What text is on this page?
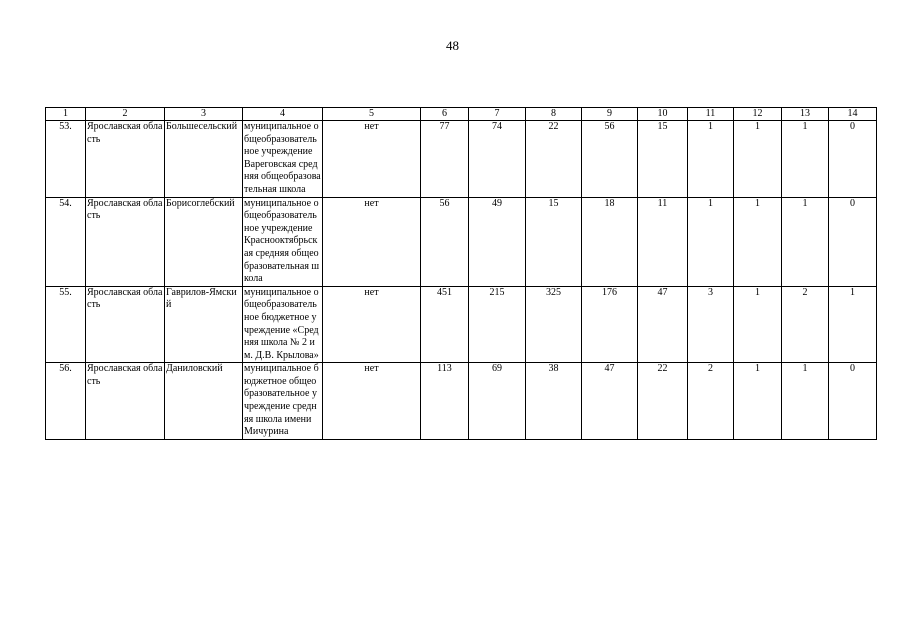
48
1	2	3	4	5	6	7	8	9	10	11	12	13	14
53.	Ярославская область	Большесельский	муниципальное общеобразовательное учреждение Вареговская средняя общеобразовательная школа	нет	77	74	22	56	15	1	1	1	0
54.	Ярославская область	Борисоглебский	муниципальное общеобразовательное учреждение Краснооктябрьская средняя общеобразовательная школа	нет	56	49	15	18	11	1	1	1	0
55.	Ярославская область	Гаврилов-Ямский	муниципальное общеобразовательное бюджетное учреждение «Средняя школа № 2 им. Д.В. Крылова»	нет	451	215	325	176	47	3	1	2	1
56.	Ярославская область	Даниловский	муниципальное бюджетное общеобразовательное учреждение средняя школа имени Мичурина	нет	113	69	38	47	22	2	1	1	0
